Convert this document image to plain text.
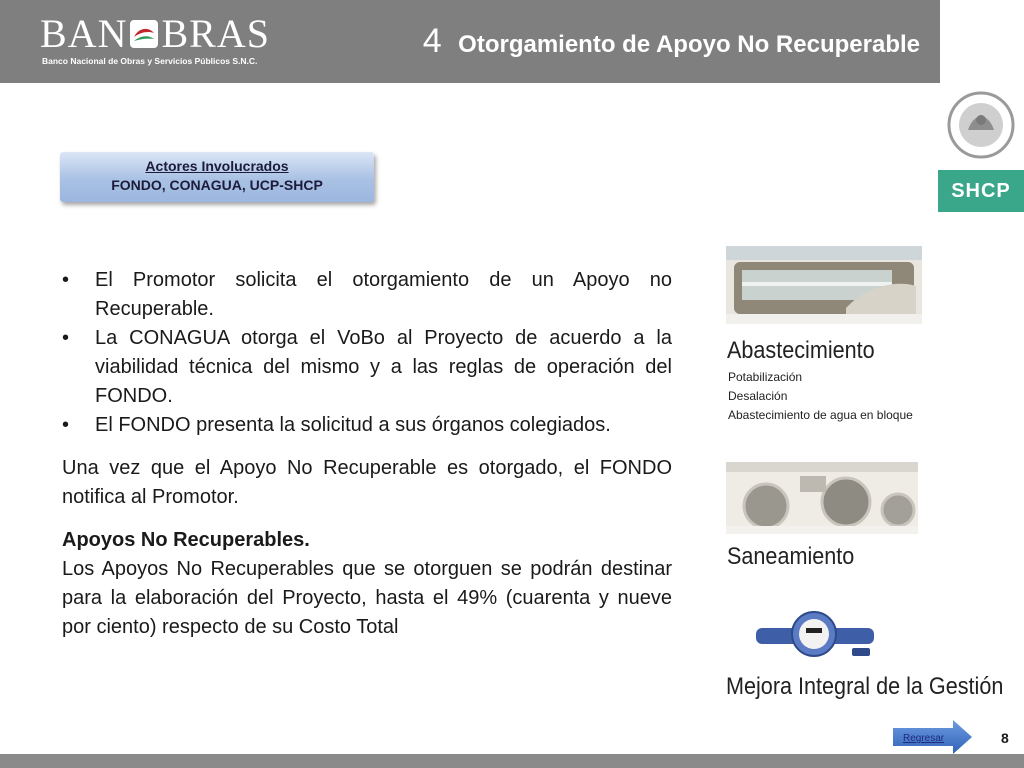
BAN BRAS
Banco Nacional de Obras y Servicios Públicos S.N.C.
4 Otorgamiento de Apoyo No Recuperable
SHCP
Actores Involucrados
FONDO, CONAGUA, UCP-SHCP
• El Promotor solicita el otorgamiento de un Apoyo no Recuperable.
• La CONAGUA otorga el VoBo al Proyecto de acuerdo a la viabilidad técnica del mismo y a las reglas de operación del FONDO.
• El FONDO presenta la solicitud a sus órganos colegiados.

Una vez que el Apoyo No Recuperable es otorgado, el FONDO notifica al Promotor.

Apoyos No Recuperables.

Los Apoyos No Recuperables que se otorguen se podrán destinar para la elaboración del Proyecto, hasta el 49% (cuarenta y nueve por ciento) respecto de su Costo Total

Abastecimiento
Potabilización
Desalación
Abastecimiento de agua en bloque
Saneamiento
Mejora Integral de la Gestión
Regresar	8
